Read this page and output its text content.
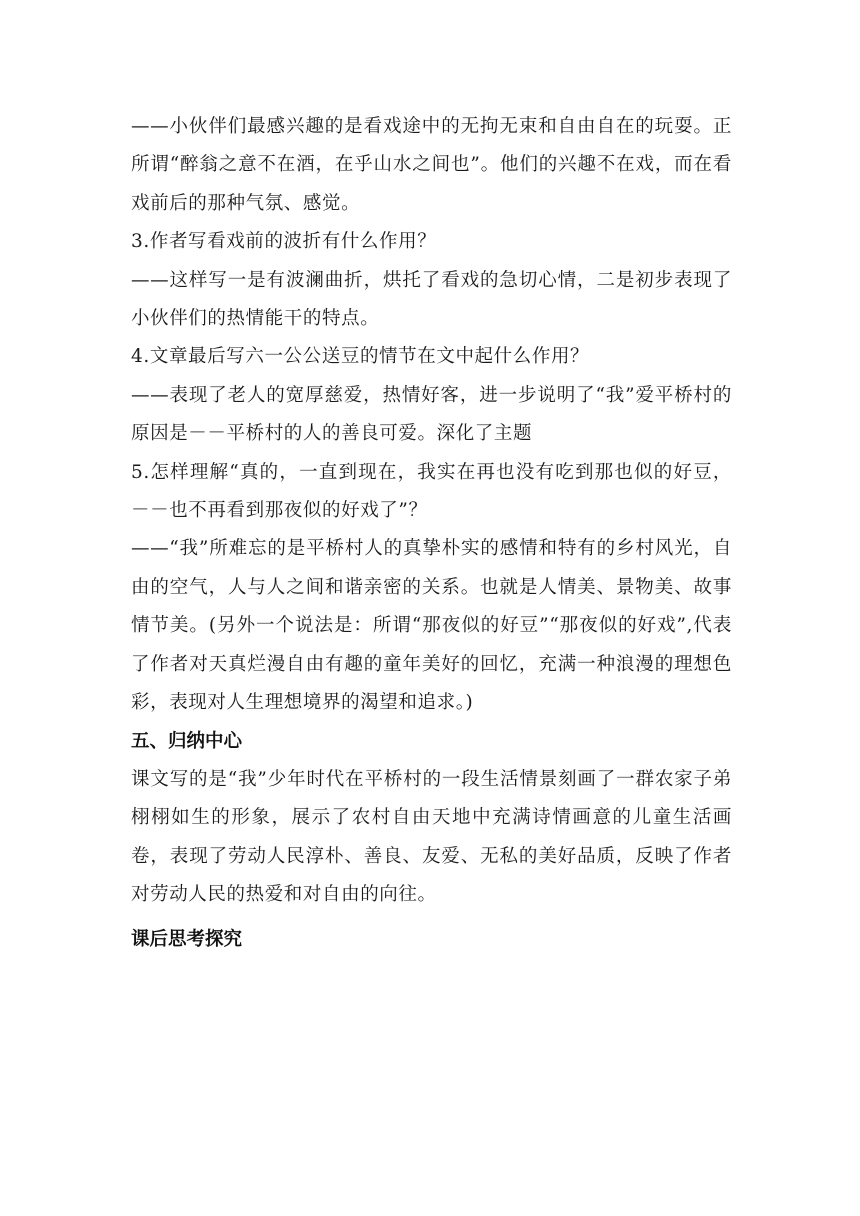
——小伙伴们最感兴趣的是看戏途中的无拘无束和自由自在的玩耍。正所谓“醉翁之意不在酒，在乎山水之间也”。他们的兴趣不在戏，而在看戏前后的那种气氛、感觉。

3.作者写看戏前的波折有什么作用？

——这样写一是有波澜曲折，烘托了看戏的急切心情，二是初步表现了小伙伴们的热情能干的特点。

4.文章最后写六一公公送豆的情节在文中起什么作用？

——表现了老人的宽厚慈爱，热情好客，进一步说明了“我”爱平桥村的原因是－－平桥村的人的善良可爱。深化了主题

5.怎样理解“真的，一直到现在，我实在再也没有吃到那也似的好豆，－－也不再看到那夜似的好戏了”？

——“我”所难忘的是平桥村人的真挚朴实的感情和特有的乡村风光，自由的空气，人与人之间和谐亲密的关系。也就是人情美、景物美、故事情节美。(另外一个说法是：所谓“那夜似的好豆”“那夜似的好戏”,代表了作者对天真烂漫自由有趣的童年美好的回忆，充满一种浪漫的理想色彩，表现对人生理想境界的渴望和追求。)

五、归纳中心

课文写的是“我”少年时代在平桥村的一段生活情景刻画了一群农家子弟栩栩如生的形象，展示了农村自由天地中充满诗情画意的儿童生活画卷，表现了劳动人民淳朴、善良、友爱、无私的美好品质，反映了作者对劳动人民的热爱和对自由的向往。

课后思考探究
